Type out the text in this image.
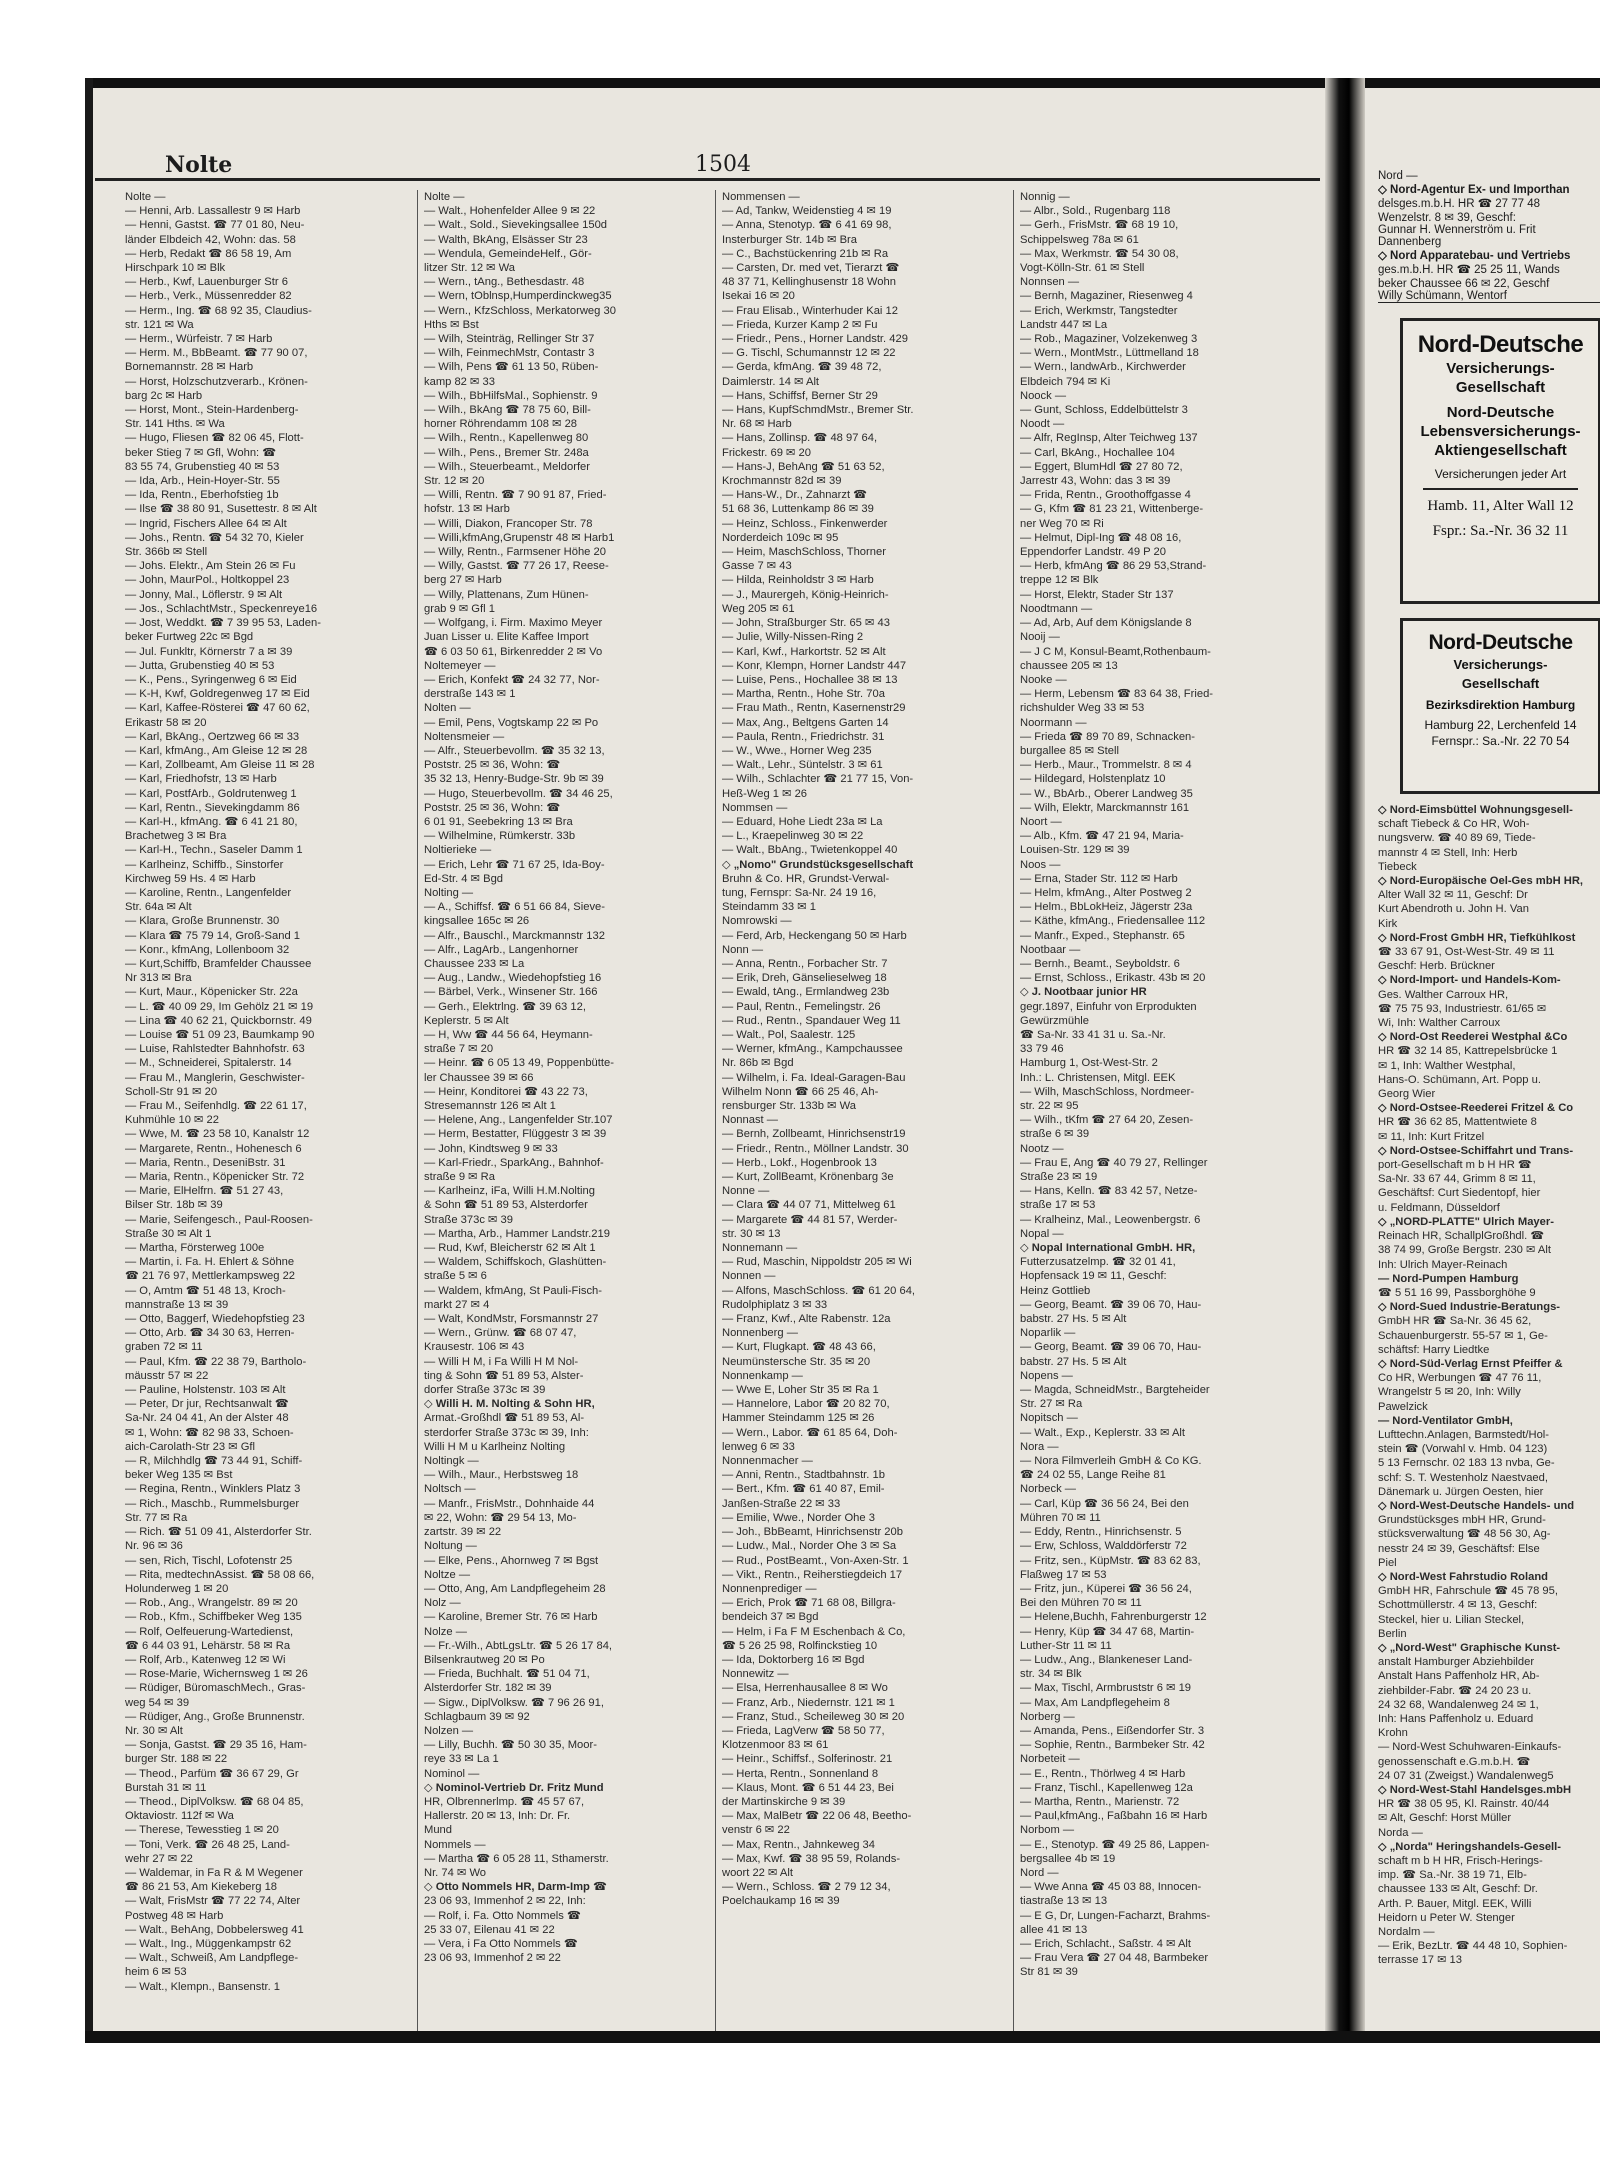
Nolte	1504
Nolte —
— Henni, Arb. Lassallestr 9 ✉ Harb
— Henni, Gastst. ☎ 77 01 80, Neu-
länder Elbdeich 42, Wohn: das. 58
— Herb, Redakt ☎ 86 58 19, Am
Hirschpark 10 ✉ Blk
— Herb., Kwf, Lauenburger Str 6
— Herb., Verk., Müssenredder 82
— Herm., Ing. ☎ 68 92 35, Claudius-
str. 121 ✉ Wa
— Herm., Würfeistr. 7 ✉ Harb
— Herm. M., BbBeamt. ☎ 77 90 07,
Bornemannstr. 28 ✉ Harb
— Horst, Holzschutzverarb., Krönen-
barg 2c ✉ Harb
— Horst, Mont., Stein-Hardenberg-
Str. 141 Hths. ✉ Wa
— Hugo, Fliesen ☎ 82 06 45, Flott-
beker Stieg 7 ✉ Gfl, Wohn: ☎
83 55 74, Grubenstieg 40 ✉ 53
— Ida, Arb., Hein-Hoyer-Str. 55
— Ida, Rentn., Eberhofstieg 1b
— Ilse ☎ 38 80 91, Susettestr. 8 ✉ Alt
— Ingrid, Fischers Allee 64 ✉ Alt
— Johs., Rentn. ☎ 54 32 70, Kieler
Str. 366b ✉ Stell
— Johs. Elektr., Am Stein 26 ✉ Fu
— John, MaurPol., Holtkoppel 23
— Jonny, Mal., Löflerstr. 9 ✉ Alt
— Jos., SchlachtMstr., Speckenreye16
— Jost, Weddkt. ☎ 7 39 95 53, Laden-
beker Furtweg 22c ✉ Bgd
— Jul. Funkltr, Körnerstr 7 a ✉ 39
— Jutta, Grubenstieg 40 ✉ 53
— K., Pens., Syringenweg 6 ✉ Eid
— K-H, Kwf, Goldregenweg 17 ✉ Eid
— Karl, Kaffee-Rösterei ☎ 47 60 62,
Erikastr 58 ✉ 20
— Karl, BkAng., Oertzweg 66 ✉ 33
— Karl, kfmAng., Am Gleise 12 ✉ 28
— Karl, Zollbeamt, Am Gleise 11 ✉ 28
— Karl, Friedhofstr, 13 ✉ Harb
— Karl, PostfArb., Goldrutenweg 1
— Karl, Rentn., Sievekingdamm 86
— Karl-H., kfmAng. ☎ 6 41 21 80,
Brachetweg 3 ✉ Bra
— Karl-H., Techn., Saseler Damm 1
— Karlheinz, Schiffb., Sinstorfer
Kirchweg 59 Hs. 4 ✉ Harb
— Karoline, Rentn., Langenfelder
Str. 64a ✉ Alt
— Klara, Große Brunnenstr. 30
— Klara ☎ 75 79 14, Groß-Sand 1
— Konr., kfmAng, Lollenboom 32
— Kurt,Schiffb, Bramfelder Chaussee
Nr 313 ✉ Bra
— Kurt, Maur., Köpenicker Str. 22a
— L. ☎ 40 09 29, Im Gehölz 21 ✉ 19
— Lina ☎ 40 62 21, Quickbornstr. 49
— Louise ☎ 51 09 23, Baumkamp 90
— Luise, Rahlstedter Bahnhofstr. 63
— M., Schneiderei, Spitalerstr. 14
— Frau M., Manglerin, Geschwister-
Scholl-Str 91 ✉ 20
— Frau M., Seifenhdlg. ☎ 22 61 17,
Kuhmühle 10 ✉ 22
— Wwe, M. ☎ 23 58 10, Kanalstr 12
— Margarete, Rentn., Hohenesch 6
— Maria, Rentn., DeseniBstr. 31
— Maria, Rentn., Köpenicker Str. 72
— Marie, ElHelfrn. ☎ 51 27 43,
Bilser Str. 18b ✉ 39
— Marie, Seifengesch., Paul-Roosen-
Straße 30 ✉ Alt 1
— Martha, Försterweg 100e
— Martin, i. Fa. H. Ehlert & Söhne
☎ 21 76 97, Mettlerkampsweg 22
— O, Amtm ☎ 51 48 13, Kroch-
mannstraße 13 ✉ 39
— Otto, Baggerf, Wiedehopfstieg 23
— Otto, Arb. ☎ 34 30 63, Herren-
graben 72 ✉ 11
— Paul, Kfm. ☎ 22 38 79, Bartholo-
mäusstr 57 ✉ 22
— Pauline, Holstenstr. 103 ✉ Alt
— Peter, Dr jur, Rechtsanwalt ☎
Sa-Nr. 24 04 41, An der Alster 48
✉ 1, Wohn: ☎ 82 98 33, Schoen-
aich-Carolath-Str 23 ✉ Gfl
— R, Milchhdlg ☎ 73 44 91, Schiff-
beker Weg 135 ✉ Bst
— Regina, Rentn., Winklers Platz 3
— Rich., Maschb., Rummelsburger
Str. 77 ✉ Ra
— Rich. ☎ 51 09 41, Alsterdorfer Str.
Nr. 96 ✉ 36
— sen, Rich, Tischl, Lofotenstr 25
— Rita, medtechnAssist. ☎ 58 08 66,
Holunderweg 1 ✉ 20
— Rob., Ang., Wrangelstr. 89 ✉ 20
— Rob., Kfm., Schiffbeker Weg 135
— Rolf, Oelfeuerung-Wartedienst,
☎ 6 44 03 91, Lehärstr. 58 ✉ Ra
— Rolf, Arb., Katenweg 12 ✉ Wi
— Rose-Marie, Wichernsweg 1 ✉ 26
— Rüdiger, BüromaschMech., Gras-
weg 54 ✉ 39
— Rüdiger, Ang., Große Brunnenstr.
Nr. 30 ✉ Alt
— Sonja, Gastst. ☎ 29 35 16, Ham-
burger Str. 188 ✉ 22
— Theod., Parfüm ☎ 36 67 29, Gr
Burstah 31 ✉ 11
— Theod., DiplVolksw. ☎ 68 04 85,
Oktaviostr. 112f ✉ Wa
— Therese, Tewesstieg 1 ✉ 20
— Toni, Verk. ☎ 26 48 25, Land-
wehr 27 ✉ 22
— Waldemar, in Fa R & M Wegener
☎ 86 21 53, Am Kiekeberg 18
— Walt, FrisMstr ☎ 77 22 74, Alter
Postweg 48 ✉ Harb
— Walt., BehAng, Dobbelersweg 41
— Walt., Ing., Müggenkampstr 62
— Walt., Schweiß, Am Landpflege-
heim 6 ✉ 53
— Walt., Klempn., Bansenstr. 1
Nolte —
— Walt., Hohenfelder Allee 9 ✉ 22
— Walt., Sold., Sievekingsallee 150d
— Walth, BkAng, Elsässer Str 23
— Wendula, GemeindeHelf., Gör-
litzer Str. 12 ✉ Wa
— Wern., tAng., Bethesdastr. 48
— Wern, tOblnsp,Humperdinckweg35
— Wern., KfzSchloss, Merkatorweg 30
Hths ✉ Bst
— Wilh, Steinträg, Rellinger Str 37
— Wilh, FeinmechMstr, Contastr 3
— Wilh, Pens ☎ 61 13 50, Rüben-
kamp 82 ✉ 33
— Wilh., BbHilfsMal., Sophienstr. 9
— Wilh., BkAng ☎ 78 75 60, Bill-
horner Röhrendamm 108 ✉ 28
— Wilh., Rentn., Kapellenweg 80
— Wilh., Pens., Bremer Str. 248a
— Wilh., Steuerbeamt., Meldorfer
Str. 12 ✉ 20
— Willi, Rentn. ☎ 7 90 91 87, Fried-
hofstr. 13 ✉ Harb
— Willi, Diakon, Francoper Str. 78
— Willi,kfmAng,Grupenstr 48 ✉ Harb1
— Willy, Rentn., Farmsener Höhe 20
— Willy, Gastst. ☎ 77 26 17, Reese-
berg 27 ✉ Harb
— Willy, Plattenans, Zum Hünen-
grab 9 ✉ Gfl 1
— Wolfgang, i. Firm. Maximo Meyer
Juan Lisser u. Elite Kaffee Import
☎ 6 03 50 61, Birkenredder 2 ✉ Vo
Noltemeyer —
— Erich, Konfekt ☎ 24 32 77, Nor-
derstraße 143 ✉ 1
Nolten —
— Emil, Pens, Vogtskamp 22 ✉ Po
Noltensmeier —
— Alfr., Steuerbevollm. ☎ 35 32 13,
Poststr. 25 ✉ 36, Wohn: ☎
35 32 13, Henry-Budge-Str. 9b ✉ 39
— Hugo, Steuerbevollm. ☎ 34 46 25,
Poststr. 25 ✉ 36, Wohn: ☎
6 01 91, Seebekring 13 ✉ Bra
— Wilhelmine, Rümkerstr. 33b
Noltierieke —
— Erich, Lehr ☎ 71 67 25, Ida-Boy-
Ed-Str. 4 ✉ Bgd
Nolting —
— A., Schiffsf. ☎ 6 51 66 84, Sieve-
kingsallee 165c ✉ 26
— Alfr., Bauschl., Marckmannstr 132
— Alfr., LagArb., Langenhorner
Chaussee 233 ✉ La
— Aug., Landw., Wiedehopfstieg 16
— Bärbel, Verk., Winsener Str. 166
— Gerh., Elektrlng. ☎ 39 63 12,
Keplerstr. 5 ✉ Alt
— H, Ww ☎ 44 56 64, Heymann-
straße 7 ✉ 20
— Heinr. ☎ 6 05 13 49, Poppenbütte-
ler Chaussee 39 ✉ 66
— Heinr, Konditorei ☎ 43 22 73,
Stresemannstr 126 ✉ Alt 1
— Helene, Ang., Langenfelder Str.107
— Herm, Bestatter, Flüggestr 3 ✉ 39
— John, Kindtsweg 9 ✉ 33
— Karl-Friedr., SparkAng., Bahnhof-
straße 9 ✉ Ra
— Karlheinz, iFa, Willi H.M.Nolting
& Sohn ☎ 51 89 53, Alsterdorfer
Straße 373c ✉ 39
— Martha, Arb., Hammer Landstr.219
— Rud, Kwf, Bleicherstr 62 ✉ Alt 1
— Waldem, Schiffskoch, Glashütten-
straße 5 ✉ 6
— Waldem, kfmAng, St Pauli-Fisch-
markt 27 ✉ 4
— Walt, KondMstr, Forsmannstr 27
— Wern., Grünw. ☎ 68 07 47,
Krausestr. 106 ✉ 43
— Willi H M, i Fa Willi H M Nol-
ting & Sohn ☎ 51 89 53, Alster-
dorfer Straße 373c ✉ 39
◇ Willi H. M. Nolting & Sohn HR,
Armat.-Großhdl ☎ 51 89 53, Al-
sterdorfer Straße 373c ✉ 39, Inh:
Willi H M u Karlheinz Nolting
Noltingk —
— Wilh., Maur., Herbstsweg 18
Noltsch —
— Manfr., FrisMstr., Dohnhaide 44
✉ 22, Wohn: ☎ 29 54 13, Mo-
zartstr. 39 ✉ 22
Noltung —
— Elke, Pens., Ahornweg 7 ✉ Bgst
Noltze —
— Otto, Ang, Am Landpflegeheim 28
Nolz —
— Karoline, Bremer Str. 76 ✉ Harb
Nolze —
— Fr.-Wilh., AbtLgsLtr. ☎ 5 26 17 84,
Bilsenkrautweg 20 ✉ Po
— Frieda, Buchhalt. ☎ 51 04 71,
Alsterdorfer Str. 182 ✉ 39
— Sigw., DiplVolksw. ☎ 7 96 26 91,
Schlagbaum 39 ✉ 92
Nolzen —
— Lilly, Buchh. ☎ 50 30 35, Moor-
reye 33 ✉ La 1
Nominol —
◇ Nominol-Vertrieb Dr. Fritz Mund
HR, Olbrennerlmp. ☎ 45 57 67,
Hallerstr. 20 ✉ 13, Inh: Dr. Fr.
Mund
Nommels —
— Martha ☎ 6 05 28 11, Sthamerstr.
Nr. 74 ✉ Wo
◇ Otto Nommels HR, Darm-Imp ☎
23 06 93, Immenhof 2 ✉ 22, Inh:
— Rolf, i. Fa. Otto Nommels ☎
25 33 07, Eilenau 41 ✉ 22
— Vera, i Fa Otto Nommels ☎
23 06 93, Immenhof 2 ✉ 22
Nommensen —
— Ad, Tankw, Weidenstieg 4 ✉ 19
— Anna, Stenotyp. ☎ 6 41 69 98,
Insterburger Str. 14b ✉ Bra
— C., Bachstückenring 21b ✉ Ra
— Carsten, Dr. med vet, Tierarzt ☎
48 37 71, Kellinghusenstr 18 Wohn
Isekai 16 ✉ 20
— Frau Elisab., Winterhuder Kai 12
— Frieda, Kurzer Kamp 2 ✉ Fu
— Friedr., Pens., Horner Landstr. 429
— G. Tischl, Schumannstr 12 ✉ 22
— Gerda, kfmAng. ☎ 39 48 72,
Daimlerstr. 14 ✉ Alt
— Hans, Schiffsf, Berner Str 29
— Hans, KupfSchmdMstr., Bremer Str.
Nr. 68 ✉ Harb
— Hans, Zollinsp. ☎ 48 97 64,
Frickestr. 69 ✉ 20
— Hans-J, BehAng ☎ 51 63 52,
Krochmannstr 82d ✉ 39
— Hans-W., Dr., Zahnarzt ☎
51 68 36, Luttenkamp 86 ✉ 39
— Heinz, Schloss., Finkenwerder
Norderdeich 109c ✉ 95
— Heim, MaschSchloss, Thorner
Gasse 7 ✉ 43
— Hilda, Reinholdstr 3 ✉ Harb
— J., Maurergeh, König-Heinrich-
Weg 205 ✉ 61
— John, Straßburger Str. 65 ✉ 43
— Julie, Willy-Nissen-Ring 2
— Karl, Kwf., Harkortstr. 52 ✉ Alt
— Konr, Klempn, Horner Landstr 447
— Luise, Pens., Hochallee 38 ✉ 13
— Martha, Rentn., Hohe Str. 70a
— Frau Math., Rentn, Kasernenstr29
— Max, Ang., Beltgens Garten 14
— Paula, Rentn., Friedrichstr. 31
— W., Wwe., Horner Weg 235
— Walt., Lehr., Süntelstr. 3 ✉ 61
— Wilh., Schlachter ☎ 21 77 15, Von-
Heß-Weg 1 ✉ 26
Nommsen —
— Eduard, Hohe Liedt 23a ✉ La
— L., Kraepelinweg 30 ✉ 22
— Walt., BbAng., Twietenkoppel 40
◇ „Nomo" Grundstücksgesellschaft
Bruhn & Co. HR, Grundst-Verwal-
tung, Fernspr: Sa-Nr. 24 19 16,
Steindamm 33 ✉ 1
Nomrowski —
— Ferd, Arb, Heckengang 50 ✉ Harb
Nonn —
— Anna, Rentn., Forbacher Str. 7
— Erik, Dreh, Gänselieselweg 18
— Ewald, tAng., Ermlandweg 23b
— Paul, Rentn., Femelingstr. 26
— Rud., Rentn., Spandauer Weg 11
— Walt., Pol, Saalestr. 125
— Werner, kfmAng., Kampchaussee
Nr. 86b ✉ Bgd
— Wilhelm, i. Fa. Ideal-Garagen-Bau
Wilhelm Nonn ☎ 66 25 46, Ah-
rensburger Str. 133b ✉ Wa
Nonnast —
— Bernh, Zollbeamt, Hinrichsenstr19
— Friedr., Rentn., Möllner Landstr. 30
— Herb., Lokf., Hogenbrook 13
— Kurt, ZollBeamt, Krönenbarg 3e
Nonne —
— Clara ☎ 44 07 71, Mittelweg 61
— Margarete ☎ 44 81 57, Werder-
str. 30 ✉ 13
Nonnemann —
— Rud, Maschin, Nippoldstr 205 ✉ Wi
Nonnen —
— Alfons, MaschSchloss. ☎ 61 20 64,
Rudolphiplatz 3 ✉ 33
— Franz, Kwf., Alte Rabenstr. 12a
Nonnenberg —
— Kurt, Flugkapt. ☎ 48 43 66,
Neumünstersche Str. 35 ✉ 20
Nonnenkamp —
— Wwe E, Loher Str 35 ✉ Ra 1
— Hannelore, Labor ☎ 20 82 70,
Hammer Steindamm 125 ✉ 26
— Wern., Labor. ☎ 61 85 64, Doh-
lenweg 6 ✉ 33
Nonnenmacher —
— Anni, Rentn., Stadtbahnstr. 1b
— Bert., Kfm. ☎ 61 40 87, Emil-
Janßen-Straße 22 ✉ 33
— Emilie, Wwe., Norder Ohe 3
— Joh., BbBeamt, Hinrichsenstr 20b
— Ludw., Mal., Norder Ohe 3 ✉ Sa
— Rud., PostBeamt., Von-Axen-Str. 1
— Vikt., Rentn., Reiherstiegdeich 17
Nonnenprediger —
— Erich, Prok ☎ 71 68 08, Billgra-
bendeich 37 ✉ Bgd
— Helm, i Fa F M Eschenbach & Co,
☎ 5 26 25 98, Rolfinckstieg 10
— Ida, Doktorberg 16 ✉ Bgd
Nonnewitz —
— Elsa, Herrenhausallee 8 ✉ Wo
— Franz, Arb., Niedernstr. 121 ✉ 1
— Franz, Stud., Scheileweg 30 ✉ 20
— Frieda, LagVerw ☎ 58 50 77,
Klotzenmoor 83 ✉ 61
— Heinr., Schiffsf., Solferinostr. 21
— Herta, Rentn., Sonnenland 8
— Klaus, Mont. ☎ 6 51 44 23, Bei
der Martinskirche 9 ✉ 39
— Max, MalBetr ☎ 22 06 48, Beetho-
venstr 6 ✉ 22
— Max, Rentn., Jahnkeweg 34
— Max, Kwf. ☎ 38 95 59, Rolands-
woort 22 ✉ Alt
— Wern., Schloss. ☎ 2 79 12 34,
Poelchaukamp 16 ✉ 39
Nonnig —
— Albr., Sold., Rugenbarg 118
— Gerh., FrisMstr. ☎ 68 19 10,
Schippelsweg 78a ✉ 61
— Max, Werkmstr. ☎ 54 30 08,
Vogt-Kölln-Str. 61 ✉ Stell
Nonnsen —
— Bernh, Magaziner, Riesenweg 4
— Erich, Werkmstr, Tangstedter
Landstr 447 ✉ La
— Rob., Magaziner, Volzekenweg 3
— Wern., MontMstr., Lüttmelland 18
— Wern., landwArb., Kirchwerder
Elbdeich 794 ✉ Ki
Noock —
— Gunt, Schloss, Eddelbüttelstr 3
Noodt —
— Alfr, RegInsp, Alter Teichweg 137
— Carl, BkAng., Hochallee 104
— Eggert, BlumHdl ☎ 27 80 72,
Jarrestr 43, Wohn: das 3 ✉ 39
— Frida, Rentn., Groothoffgasse 4
— G, Kfm ☎ 81 23 21, Wittenberge-
ner Weg 70 ✉ Ri
— Helmut, Dipl-Ing ☎ 48 08 16,
Eppendorfer Landstr. 49 P 20
— Herb, kfmAng ☎ 86 29 53,Strand-
treppe 12 ✉ Blk
— Horst, Elektr, Stader Str 137
Noodtmann —
— Ad, Arb, Auf dem Königslande 8
Nooij —
— J C M, Konsul-Beamt,Rothenbaum-
chaussee 205 ✉ 13
Nooke —
— Herm, Lebensm ☎ 83 64 38, Fried-
richshulder Weg 33 ✉ 53
Noormann —
— Frieda ☎ 89 70 89, Schnacken-
burgallee 85 ✉ Stell
— Herb., Maur., Trommelstr. 8 ✉ 4
— Hildegard, Holstenplatz 10
— W., BbArb., Oberer Landweg 35
— Wilh, Elektr, Marckmannstr 161
Noort —
— Alb., Kfm. ☎ 47 21 94, Maria-
Louisen-Str. 129 ✉ 39
Noos —
— Erna, Stader Str. 112 ✉ Harb
— Helm, kfmAng., Alter Postweg 2
— Helm., BbLokHeiz, Jägerstr 23a
— Käthe, kfmAng., Friedensallee 112
— Manfr., Exped., Stephanstr. 65
Nootbaar —
— Bernh., Beamt., Seyboldstr. 6
— Ernst, Schloss., Erikastr. 43b ✉ 20
◇ J. Nootbaar junior HR
gegr.1897, Einfuhr von Erprodukten
Gewürzmühle
☎ Sa-Nr. 33 41 31 u. Sa.-Nr.
33 79 46
Hamburg 1, Ost-West-Str. 2
Inh.: L. Christensen, Mitgl. EEK
— Wilh, MaschSchloss, Nordmeer-
str. 22 ✉ 95
— Wilh., tKfm ☎ 27 64 20, Zesen-
straße 6 ✉ 39
Nootz —
— Frau E, Ang ☎ 40 79 27, Rellinger
Straße 23 ✉ 19
— Hans, Kelln. ☎ 83 42 57, Netze-
straße 17 ✉ 53
— Kralheinz, Mal., Leowenbergstr. 6
Nopal —
◇ Nopal International GmbH. HR,
Futterzusatzelmp. ☎ 32 01 41,
Hopfensack 19 ✉ 11, Geschf:
Heinz Gottlieb
— Georg, Beamt. ☎ 39 06 70, Hau-
babstr. 27 Hs. 5 ✉ Alt
Noparlik —
— Georg, Beamt. ☎ 39 06 70, Hau-
babstr. 27 Hs. 5 ✉ Alt
Nopens —
— Magda, SchneidMstr., Bargteheider
Str. 27 ✉ Ra
Nopitsch —
— Walt., Exp., Keplerstr. 33 ✉ Alt
Nora —
— Nora Filmverleih GmbH & Co KG.
☎ 24 02 55, Lange Reihe 81
Norbeck —
— Carl, Küp ☎ 36 56 24, Bei den
Mühren 70 ✉ 11
— Eddy, Rentn., Hinrichsenstr. 5
— Erw, Schloss, Walddörferstr 72
— Fritz, sen., KüpMstr. ☎ 83 62 83,
Flaßweg 17 ✉ 53
— Fritz, jun., Küperei ☎ 36 56 24,
Bei den Mühren 70 ✉ 11
— Helene,Buchh, Fahrenburgerstr 12
— Henry, Küp ☎ 34 47 68, Martin-
Luther-Str 11 ✉ 11
— Ludw., Ang., Blankeneser Land-
str. 34 ✉ Blk
— Max, Tischl, Armbruststr 6 ✉ 19
— Max, Am Landpflegeheim 8
Norberg —
— Amanda, Pens., Eißendorfer Str. 3
— Sophie, Rentn., Barmbeker Str. 42
Norbeteit —
— E., Rentn., Thörlweg 4 ✉ Harb
— Franz, Tischl., Kapellenweg 12a
— Martha, Rentn., Marienstr. 72
— Paul,kfmAng., Faßbahn 16 ✉ Harb
Norbom —
— E., Stenotyp. ☎ 49 25 86, Lappen-
bergsallee 4b ✉ 19
Nord —
— Wwe Anna ☎ 45 03 88, Innocen-
tiastraße 13 ✉ 13
— E G, Dr, Lungen-Facharzt, Brahms-
allee 41 ✉ 13
— Erich, Schlacht., Saßstr. 4 ✉ Alt
— Frau Vera ☎ 27 04 48, Barmbeker
Str 81 ✉ 39
Nord —
◇ Nord-Agentur Ex- und Importhan
delsges.m.b.H. HR ☎ 27 77 48
Wenzelstr. 8 ✉ 39, Geschf:
Gunnar H. Wennerström u. Frit
Dannenberg
◇ Nord Apparatebau- und Vertriebs
ges.m.b.H. HR ☎ 25 25 11, Wands
beker Chaussee 66 ✉ 22, Geschf
Willy Schümann, Wentorf
Nord-Deutsche
Versicherungs-
Gesellschaft
Nord-Deutsche
Lebensversicherungs-
Aktiengesellschaft
Versicherungen jeder Art
Hamb. 11, Alter Wall 12
Fspr.: Sa.-Nr. 36 32 11
Nord-Deutsche
Versicherungs-
Gesellschaft
Bezirksdirektion Hamburg
Hamburg 22, Lerchenfeld 14
Fernspr.: Sa.-Nr. 22 70 54
◇ Nord-Eimsbüttel Wohnungsgesell-
schaft Tiebeck & Co HR, Woh-
nungsverw. ☎ 40 89 69, Tiede-
mannstr 4 ✉ Stell, Inh: Herb
Tiebeck
◇ Nord-Europäische Oel-Ges mbH HR,
Alter Wall 32 ✉ 11, Geschf: Dr
Kurt Abendroth u. John H. Van
Kirk
◇ Nord-Frost GmbH HR, Tiefkühlkost
☎ 33 67 91, Ost-West-Str. 49 ✉ 11
Geschf: Herb. Brückner
◇ Nord-Import- und Handels-Kom-
Ges. Walther Carroux HR,
☎ 75 75 93, Industriestr. 61/65 ✉
Wi, Inh: Walther Carroux
◇ Nord-Ost Reederei Westphal &Co
HR ☎ 32 14 85, Kattrepelsbrücke 1
✉ 1, Inh: Walther Westphal,
Hans-O. Schümann, Art. Popp u.
Georg Wier
◇ Nord-Ostsee-Reederei Fritzel & Co
HR ☎ 36 62 85, Mattentwiete 8
✉ 11, Inh: Kurt Fritzel
◇ Nord-Ostsee-Schiffahrt und Trans-
port-Gesellschaft m b H HR ☎
Sa-Nr. 33 67 44, Grimm 8 ✉ 11,
Geschäftsf: Curt Siedentopf, hier
u. Feldmann, Düsseldorf
◇ „NORD-PLATTE" Ulrich Mayer-
Reinach HR, SchallplGroßhdl. ☎
38 74 99, Große Bergstr. 230 ✉ Alt
Inh: Ulrich Mayer-Reinach
— Nord-Pumpen Hamburg
☎ 5 51 16 99, Passborghöhe 9
◇ Nord-Sued Industrie-Beratungs-
GmbH HR ☎ Sa-Nr. 36 45 62,
Schauenburgerstr. 55-57 ✉ 1, Ge-
schäftsf: Harry Liedtke
◇ Nord-Süd-Verlag Ernst Pfeiffer &
Co HR, Werbungen ☎ 47 76 11,
Wrangelstr 5 ✉ 20, Inh: Willy
Pawelzick
— Nord-Ventilator GmbH,
Lufttechn.Anlagen, Barmstedt/Hol-
stein ☎ (Vorwahl v. Hmb. 04 123)
5 13 Fernschr. 02 183 13 nvba, Ge-
schf: S. T. Westenholz Naestvaed,
Dänemark u. Jürgen Oesten, hier
◇ Nord-West-Deutsche Handels- und
Grundstücksges mbH HR, Grund-
stücksverwaltung ☎ 48 56 30, Ag-
nesstr 24 ✉ 39, Geschäftsf: Else
Piel
◇ Nord-West Fahrstudio Roland
GmbH HR, Fahrschule ☎ 45 78 95,
Schottmüllerstr. 4 ✉ 13, Geschf:
Steckel, hier u. Lilian Steckel,
Berlin
◇ „Nord-West" Graphische Kunst-
anstalt Hamburger Abziehbilder
Anstalt Hans Paffenholz HR, Ab-
ziehbilder-Fabr. ☎ 24 20 23 u.
24 32 68, Wandalenweg 24 ✉ 1,
Inh: Hans Paffenholz u. Eduard
Krohn
— Nord-West Schuhwaren-Einkaufs-
genossenschaft e.G.m.b.H. ☎
24 07 31 (Zweigst.) Wandalenweg5
◇ Nord-West-Stahl Handelsges.mbH
HR ☎ 38 05 95, Kl. Rainstr. 40/44
✉ Alt, Geschf: Horst Müller
Norda —
◇ „Norda" Heringshandels-Gesell-
schaft m b H HR, Frisch-Herings-
imp. ☎ Sa.-Nr. 38 19 71, Elb-
chaussee 133 ✉ Alt, Geschf: Dr.
Arth. P. Bauer, Mitgl. EEK, Willi
Heidorn u Peter W. Stenger
Nordalm —
— Erik, BezLtr. ☎ 44 48 10, Sophien-
terrasse 17 ✉ 13
